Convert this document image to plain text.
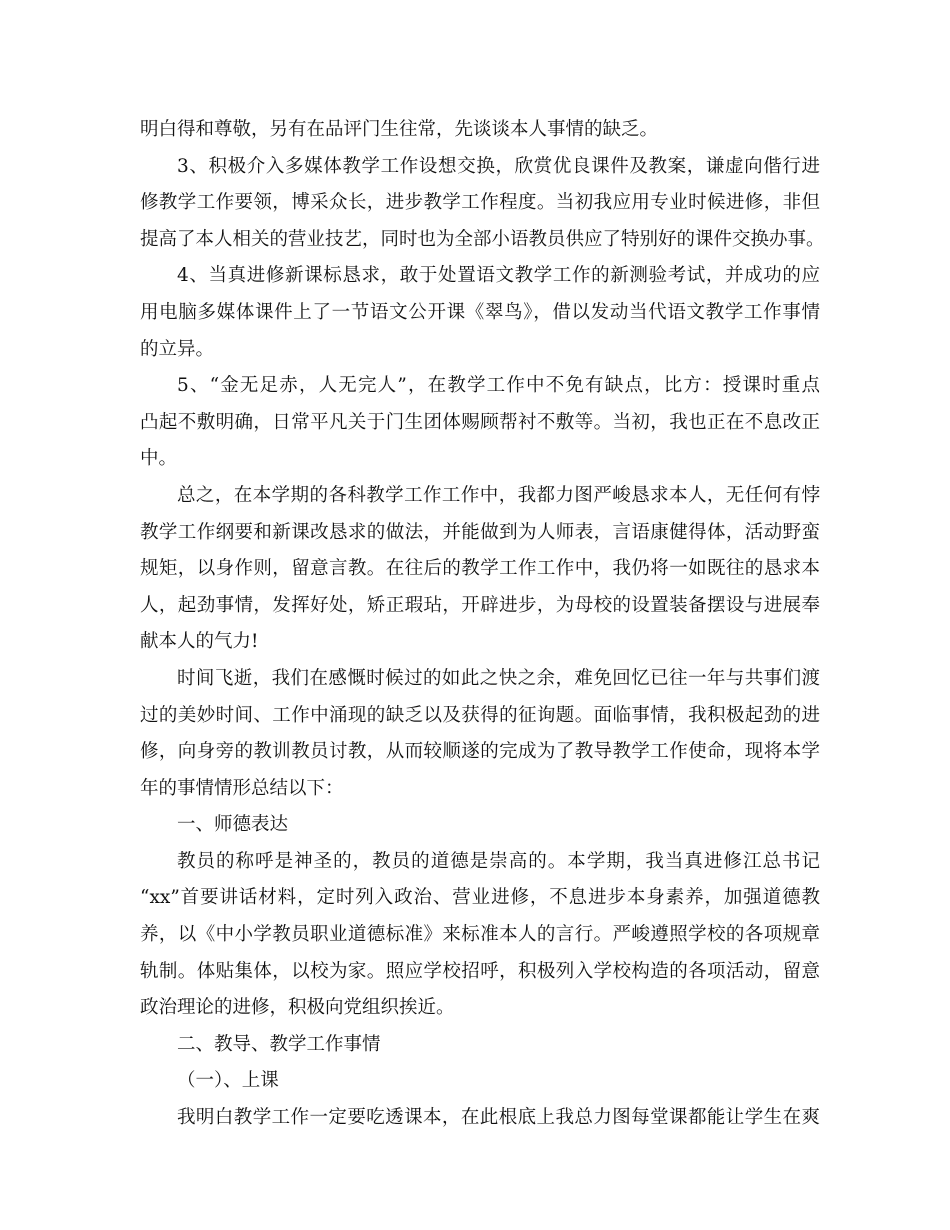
明白得和尊敬，另有在品评门生往常，先谈谈本人事情的缺乏。
3、积极介入多媒体教学工作设想交换，欣赏优良课件及教案，谦虚向偕行进
修教学工作要领，博采众长，进步教学工作程度。当初我应用专业时候进修，非但
提高了本人相关的营业技艺，同时也为全部小语教员供应了特别好的课件交换办事。
4、当真进修新课标恳求，敢于处置语文教学工作的新测验考试，并成功的应
用电脑多媒体课件上了一节语文公开课《翠鸟》，借以发动当代语文教学工作事情
的立异。
5、“金无足赤，人无完人”，在教学工作中不免有缺点，比方：授课时重点
凸起不敷明确，日常平凡关于门生团体赐顾帮衬不敷等。当初，我也正在不息改正
中。
总之，在本学期的各科教学工作工作中，我都力图严峻恳求本人，无任何有悖
教学工作纲要和新课改恳求的做法，并能做到为人师表，言语康健得体，活动野蛮
规矩，以身作则，留意言教。在往后的教学工作工作中，我仍将一如既往的恳求本
人，起劲事情，发挥好处，矫正瑕玷，开辟进步，为母校的设置装备摆设与进展奉
献本人的气力!
时间飞逝，我们在感慨时候过的如此之快之余，难免回忆已往一年与共事们渡
过的美妙时间、工作中涌现的缺乏以及获得的征询题。面临事情，我积极起劲的进
修，向身旁的教训教员讨教，从而较顺遂的完成为了教导教学工作使命，现将本学
年的事情情形总结以下：
一、师德表达
教员的称呼是神圣的，教员的道德是崇高的。本学期，我当真进修江总书记
“xx”首要讲话材料，定时列入政治、营业进修，不息进步本身素养，加强道德教
养，以《中小学教员职业道德标准》来标准本人的言行。严峻遵照学校的各项规章
轨制。体贴集体，以校为家。照应学校招呼，积极列入学校构造的各项活动，留意
政治理论的进修，积极向党组织挨近。
二、教导、教学工作事情
（一）、上课
我明白教学工作一定要吃透课本，在此根底上我总力图每堂课都能让学生在爽
